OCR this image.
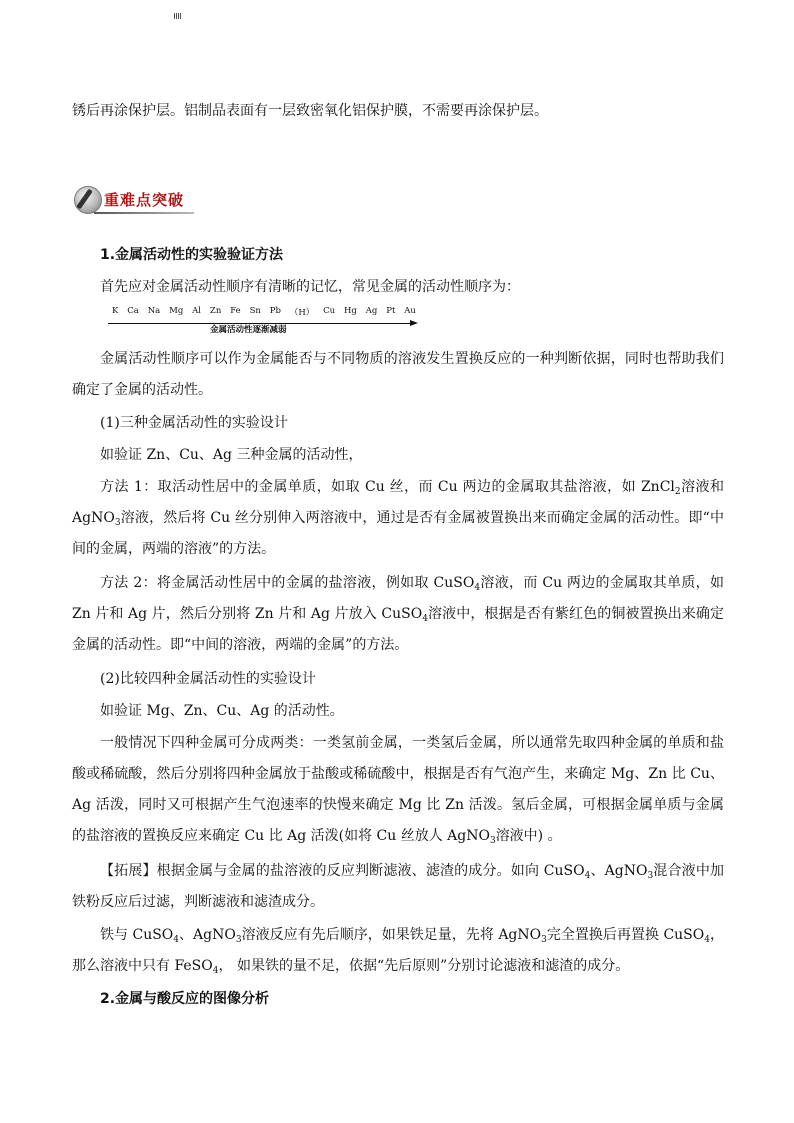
锈后再涂保护层。铝制品表面有一层致密氧化铝保护膜，不需要再涂保护层。

重难点突破

1.金属活动性的实验验证方法

首先应对金属活动性顺序有清晰的记忆，常见金属的活动性顺序为：

K Ca Na Mg Al Zn Fe Sn Pb （H） Cu Hg Ag Pt Au
金属活动性逐渐减弱

金属活动性顺序可以作为金属能否与不同物质的溶液发生置换反应的一种判断依据，同时也帮助我们确定了金属的活动性。

(1)三种金属活动性的实验设计

如验证 Zn、Cu、Ag 三种金属的活动性，

方法 1：取活动性居中的金属单质，如取 Cu 丝，而 Cu 两边的金属取其盐溶液，如 ZnCl$_2$溶液和 AgNO$_3$溶液，然后将 Cu 丝分别伸入两溶液中，通过是否有金属被置换出来而确定金属的活动性。即“中间的金属，两端的溶液”的方法。

方法 2：将金属活动性居中的金属的盐溶液，例如取 CuSO$_4$溶液，而 Cu 两边的金属取其单质，如 Zn 片和 Ag 片，然后分别将 Zn 片和 Ag 片放入 CuSO$_4$溶液中，根据是否有紫红色的铜被置换出来确定金属的活动性。即“中间的溶液，两端的金属”的方法。

(2)比较四种金属活动性的实验设计

如验证 Mg、Zn、Cu、Ag 的活动性。

一般情况下四种金属可分成两类：一类氢前金属，一类氢后金属，所以通常先取四种金属的单质和盐酸或稀硫酸，然后分别将四种金属放于盐酸或稀硫酸中，根据是否有气泡产生，来确定 Mg、Zn 比 Cu、Ag 活泼，同时又可根据产生气泡速率的快慢来确定 Mg 比 Zn 活泼。氢后金属，可根据金属单质与金属的盐溶液的置换反应来确定 Cu 比 Ag 活泼(如将 Cu 丝放人 AgNO$_3$溶液中) 。

【拓展】根据金属与金属的盐溶液的反应判断滤液、滤渣的成分。如向 CuSO$_4$、AgNO$_3$混合液中加铁粉反应后过滤，判断滤液和滤渣成分。

铁与 CuSO$_4$、AgNO$_3$溶液反应有先后顺序，如果铁足量，先将 AgNO$_3$完全置换后再置换 CuSO$_4$， 那么溶液中只有 FeSO$_4$， 如果铁的量不足，依据“先后原则”分别讨论滤液和滤渣的成分。

2.金属与酸反应的图像分析
